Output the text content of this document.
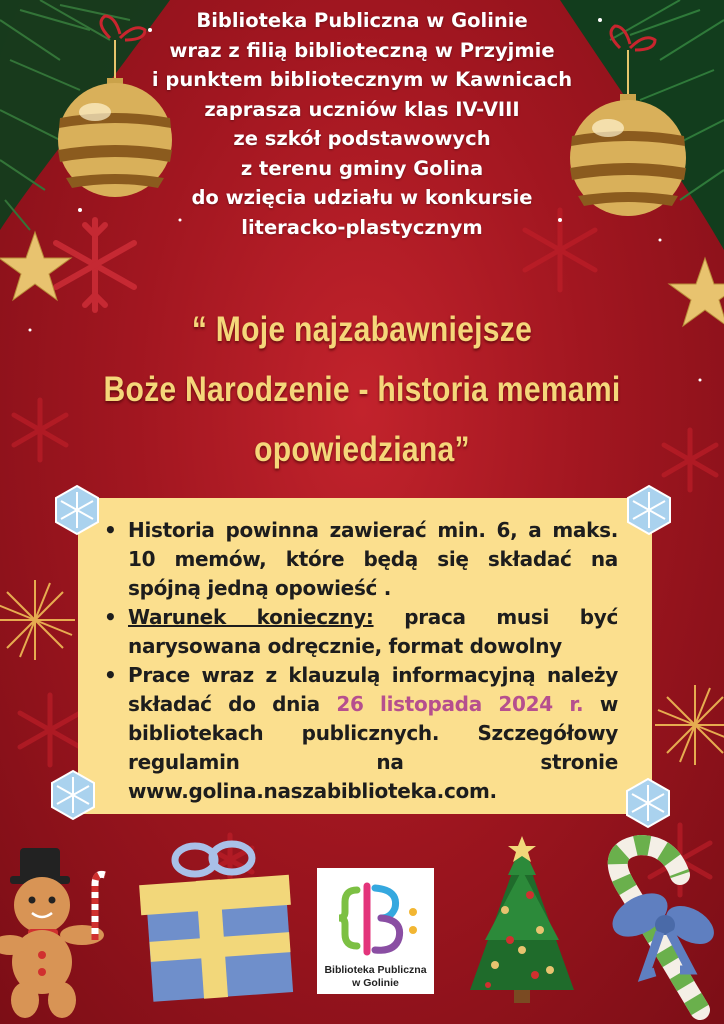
Biblioteka Publiczna w Golinie
wraz z filią biblioteczną w Przyjmie
i punktem bibliotecznym w Kawnicach
zaprasza uczniów klas IV-VIII
ze szkół podstawowych
z terenu gminy Golina
do wzięcia udziału w konkursie
literacko-plastycznym
“ Moje najzabawniejsze
Boże Narodzenie - historia memami
opowiedziana”
• Historia powinna zawierać min. 6, a maks. 10 memów, które będą się składać na spójną jedną opowieść .
• Warunek konieczny: praca musi być narysowana odręcznie, format dowolny
• Prace wraz z klauzulą informacyjną należy składać do dnia 26 listopada 2024 r. w bibliotekach publicznych. Szczegółowy regulamin na stronie www.golina.naszabiblioteka.com.
Biblioteka Publiczna
w Golinie
